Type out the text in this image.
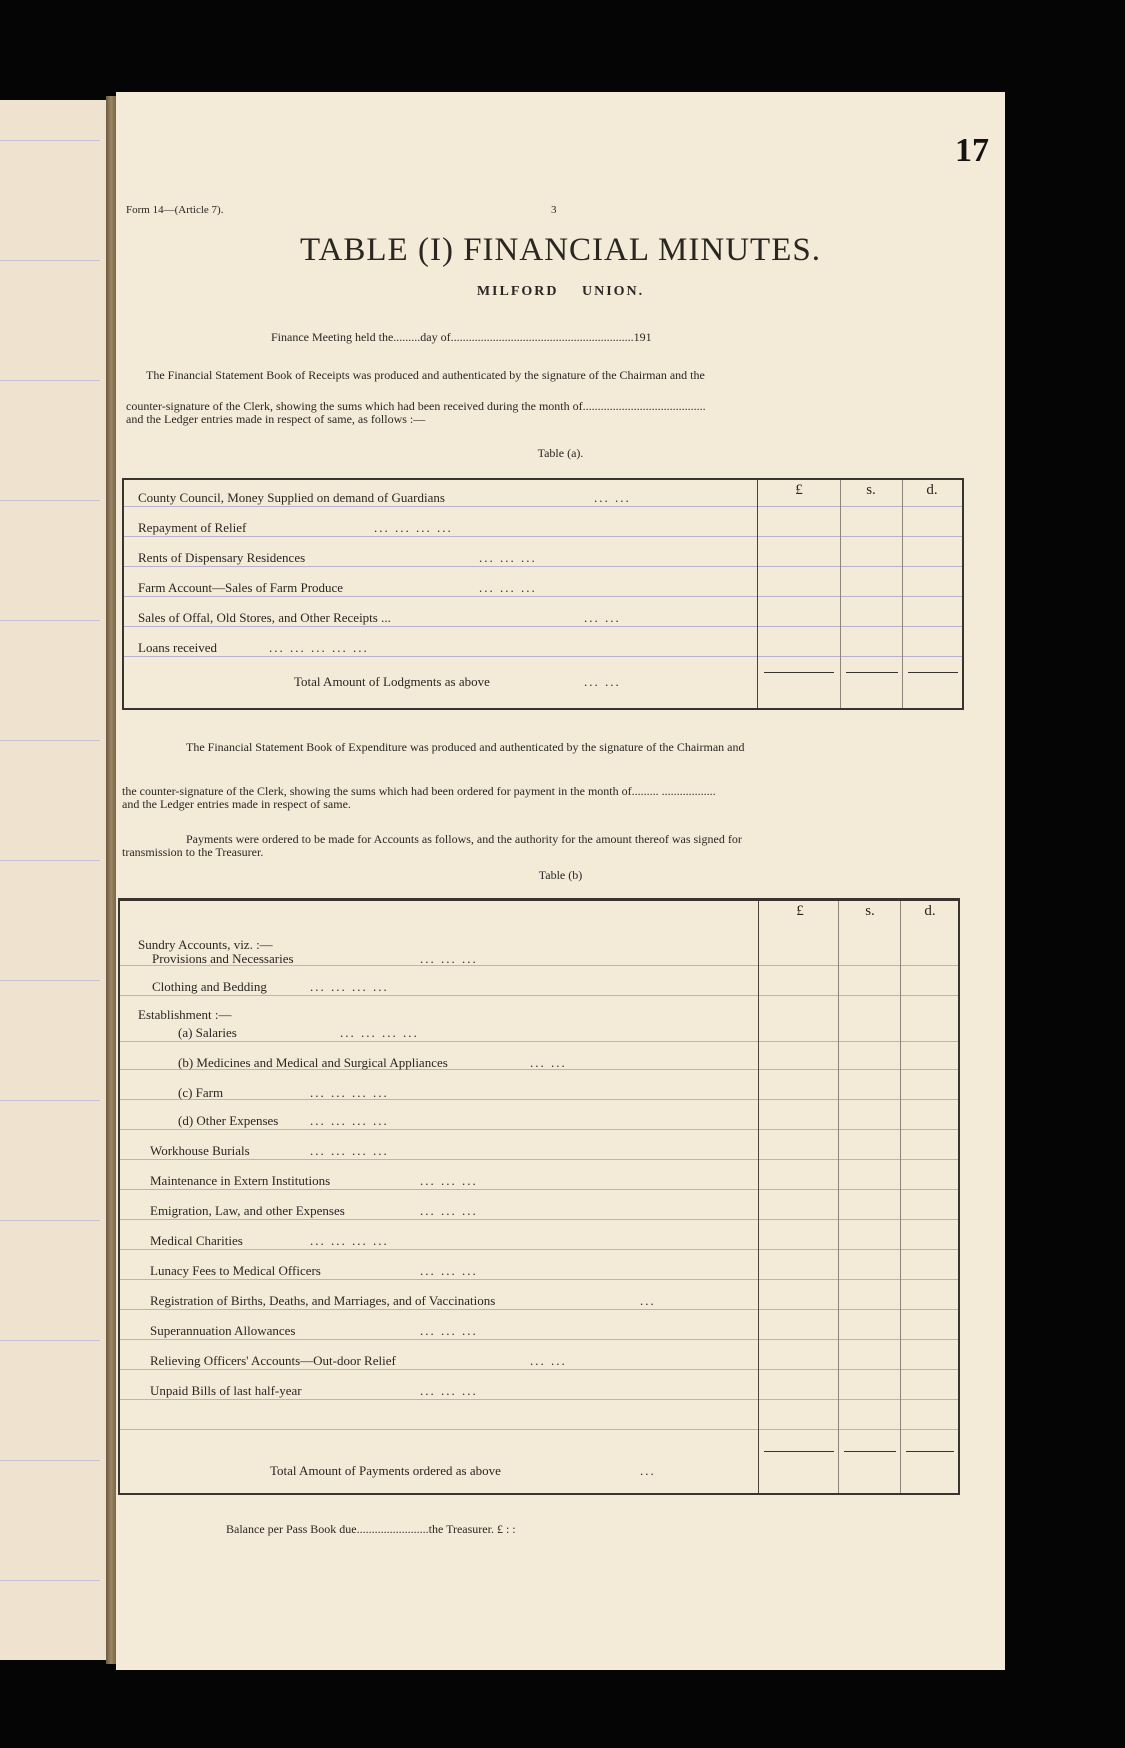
17
Form 14—(Article 7).	3
TABLE (I) FINANCIAL MINUTES.
MILFORD UNION.
Finance Meeting held the.........day of.............................................................191
The Financial Statement Book of Receipts was produced and authenticated by the signature of the Chairman and the
counter-signature of the Clerk, showing the sums which had been received during the month of.........................................
and the Ledger entries made in respect of same, as follows :—
Table (a).
£	s.	d.
County Council, Money Supplied on demand of Guardians	... ...
Repayment of Relief	... ... ... ...
Rents of Dispensary Residences	... ... ...
Farm Account—Sales of Farm Produce	... ... ...
Sales of Offal, Old Stores, and Other Receipts ...	... ...
Loans received	... ... ... ... ...
Total Amount of Lodgments as above	... ...
The Financial Statement Book of Expenditure was produced and authenticated by the signature of the Chairman and
the counter-signature of the Clerk, showing the sums which had been ordered for payment in the month of......... ..................
and the Ledger entries made in respect of same.
Payments were ordered to be made for Accounts as follows, and the authority for the amount thereof was signed for
transmission to the Treasurer.
Table (b)
£	s.	d.
Sundry Accounts, viz. :—
Provisions and Necessaries	... ... ...
Clothing and Bedding	... ... ... ...
Establishment :—
(a) Salaries	... ... ... ...
(b) Medicines and Medical and Surgical Appliances	... ...
(c) Farm	... ... ... ...
(d) Other Expenses ... ... ... ...
Workhouse Burials	... ... ... ...
Maintenance in Extern Institutions	... ... ...
Emigration, Law, and other Expenses	... ... ...
Medical Charities	... ... ... ...
Lunacy Fees to Medical Officers	... ... ...
Registration of Births, Deaths, and Marriages, and of Vaccinations	...
Superannuation Allowances	... ... ...
Relieving Officers' Accounts—Out-door Relief	... ...
Unpaid Bills of last half-year	... ... ...
Total Amount of Payments ordered as above	...
Balance per Pass Book due........................the Treasurer. £ : :
